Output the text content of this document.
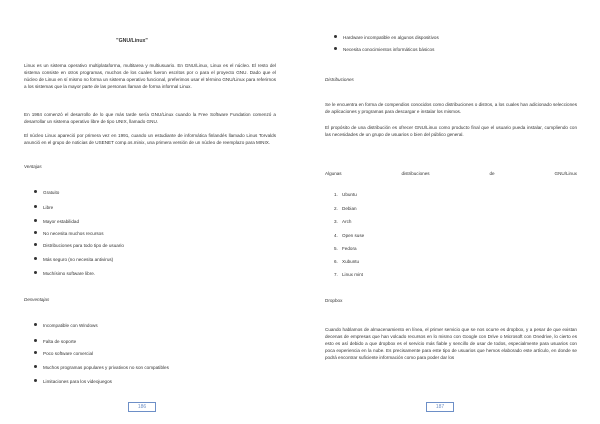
"GNU/Linux"
Linux es un sistema operativo multiplataforma, multitarea y multiusuario. En GNU/Linux, Linux es el núcleo. El resto del sistema consiste en otros programas, muchos de los cuales fueron escritos por o para el proyecto GNU. Dado que el núcleo de Linux en sí mismo no forma un sistema operativo funcional, preferimos usar el término GNU/Linux para referirnos a los sistemas que la mayor parte de las personas llaman de forma informal Linux.
En 1984 comenzó el desarrollo de lo que más tarde sería GNU/Linux cuando la Free Software Fundation comenzó a desarrollar un sistema operativo libre de tipo UNIX, llamado GNU.
El núcleo Linux apareció por primera vez en 1991, cuando un estudiante de informática finlandés llamado Linus Torvalds anunció en el grupo de noticias de USENET comp.os.minix, una primera versión de un núcleo de reemplazo para MINIX.
Ventajas
Gratuito
Libre
Mayor estabilidad
No necesita muchos recursos
Distribuciones para todo tipo de usuario
Más seguro (no necesita antivirus)
Muchísimo software libre.
Desventajas
Incompatible con Windows
Falta de soporte
Poco software comercial
Muchos programas populares y privativos no son compatibles
Limitaciones para los videojuegos
186
Hardware incompatible en algunos dispositivos
Necesita conocimientos informáticos básicos
Distribuciones
Se le encuentra en forma de compendios conocidos como distribuciones o distros, a los cuales han adicionado selecciones de aplicaciones y programas para descargar e instalar los mismos.
El propósito de una distribución es ofrecer GNU/Linux como producto final que el usuario pueda instalar, cumpliendo con las necesidades de un grupo de usuarios o bien del público general.
Algunas	distribuciones	de	GNU/Linux
1. Ubuntu
2. Debian
3. Arch
4. Open suse
5. Fedora
6. Xubuntu
7. Linux mint
Dropbox
Cuando hablamos de almacenamiento en línea, el primer servicio que se nos ocurre es dropbox, y a pesar de que existan decenas de empresas que han volcado recursos en lo mismo con Google con Drive o Microsoft con Onedrive, lo cierto es esto es así debido a que dropbox es el servicio más fiable y sencillo de usar de todos, especialmente para usuarios con poca experiencia en la nube. Es precisamente para este tipo de usuarios que hemos elaborado este artículo, en donde se podrá encontrar suficiente información como para poder dar los
187
